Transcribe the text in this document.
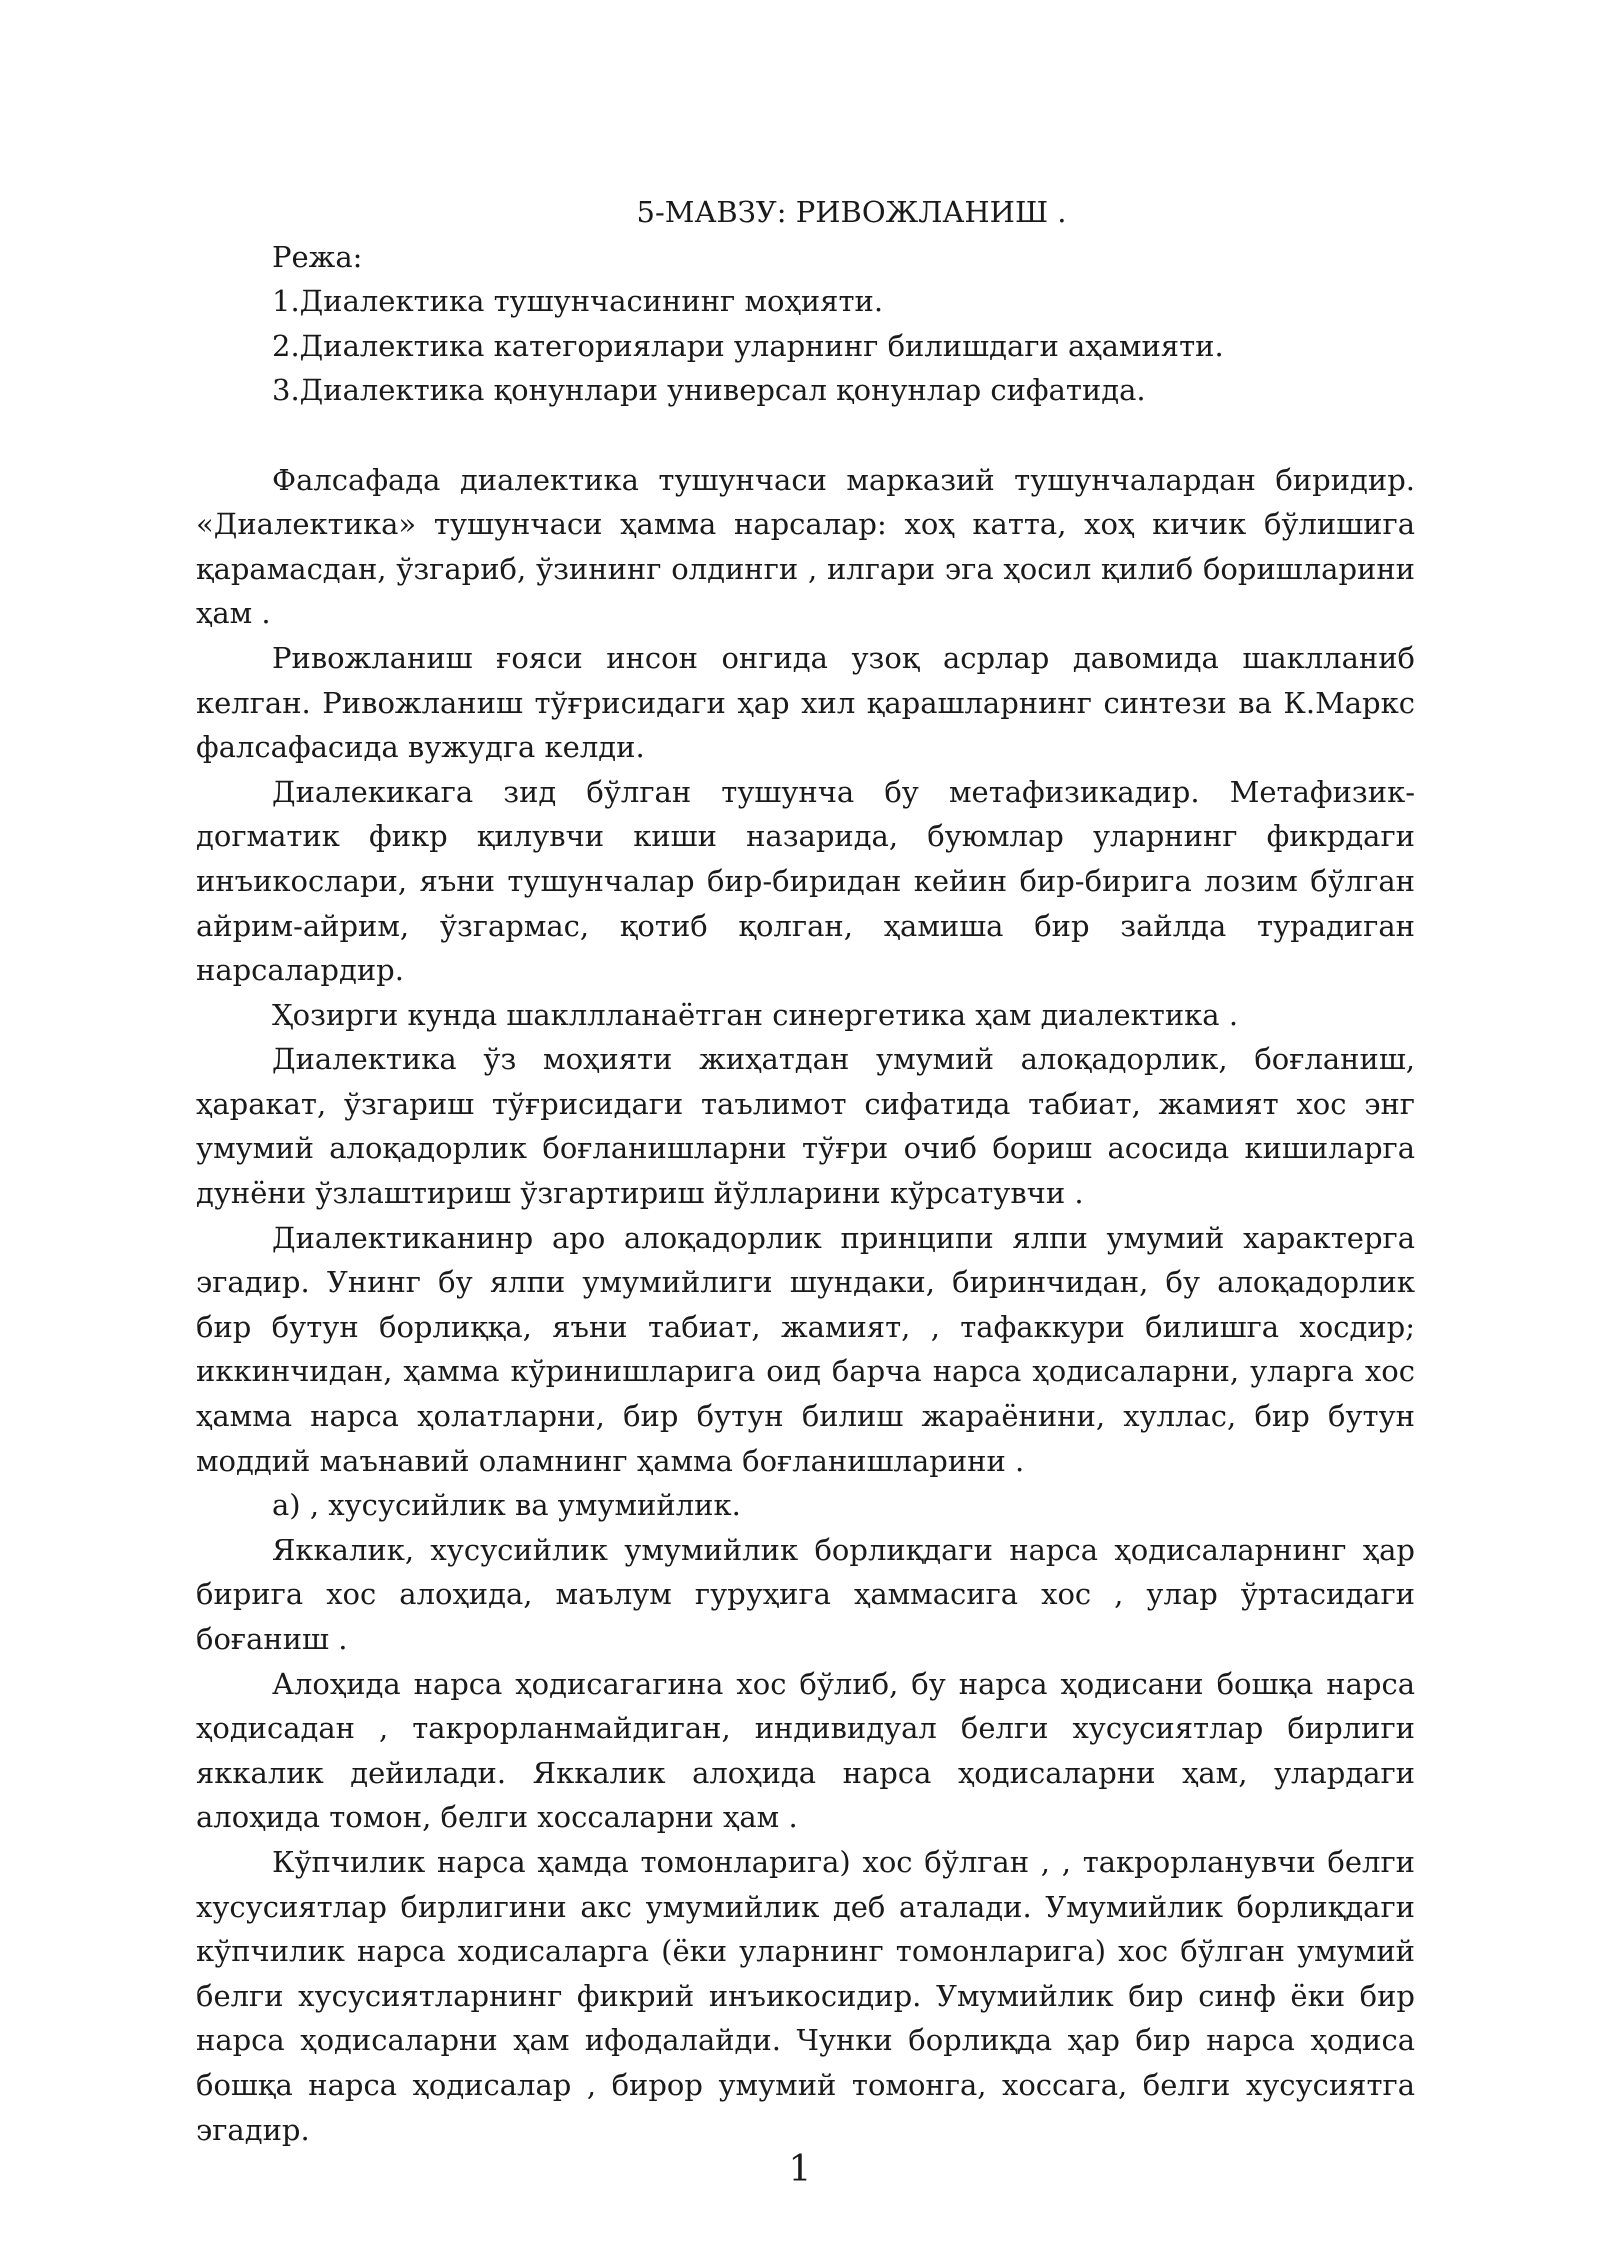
5-МАВЗУ: РИВОЖЛАНИШ .

Режа:

1.Диалектика тушунчасининг моҳияти.

2.Диалектика категориялари уларнинг билишдаги аҳамияти.

3.Диалектика қонунлари универсал қонунлар сифатида.

Фалсафада диалектика тушунчаси марказий тушунчалардан биридир. «Диалектика» тушунчаси ҳамма нарсалар: хоҳ катта, хоҳ кичик бўлишига қарамасдан, ўзгариб, ўзининг олдинги , илгари эга ҳосил қилиб боришларини ҳам .

Ривожланиш ғояси инсон онгида узоқ асрлар давомида шаклланиб келган. Ривожланиш тўғрисидаги ҳар хил қарашларнинг синтези ва К.Маркс фалсафасида вужудга келди.

Диалекикага зид бўлган тушунча бу метафизикадир. Метафизик-догматик фикр қилувчи киши назарида, буюмлар уларнинг фикрдаги инъикослари, яъни тушунчалар бир-биридан кейин бир-бирига лозим бўлган айрим-айрим, ўзгармас, қотиб қолган, ҳамиша бир зайлда турадиган нарсалардир.

Ҳозирги кунда шакллланаётган синергетика ҳам диалектика .

Диалектика ўз моҳияти жиҳатдан умумий алоқадорлик, боғланиш, ҳаракат, ўзгариш тўғрисидаги таълимот сифатида табиат, жамият хос энг умумий алоқадорлик боғланишларни тўғри очиб бориш асосида кишиларга дунёни ўзлаштириш ўзгартириш йўлларини кўрсатувчи .

Диалектиканинр аро алоқадорлик принципи ялпи умумий характерга эгадир. Унинг бу ялпи умумийлиги шундаки, биринчидан, бу алоқадорлик бир бутун борлиққа, яъни табиат, жамият, , тафаккури билишга хосдир; иккинчидан, ҳамма кўринишларига оид барча нарса ҳодисаларни, уларга хос ҳамма нарса ҳолатларни, бир бутун билиш жараёнини, хуллас, бир бутун моддий маънавий оламнинг ҳамма боғланишларини .

а) , хусусийлик ва умумийлик.

Яккалик, хусусийлик умумийлик борлиқдаги нарса ҳодисаларнинг ҳар бирига хос алоҳида, маълум гуруҳига ҳаммасига хос , улар ўртасидаги боғаниш .

Алоҳида нарса ҳодисагагина хос бўлиб, бу нарса ҳодисани бошқа нарса ҳодисадан , такрорланмайдиган, индивидуал белги хусусиятлар бирлиги яккалик дейилади. Яккалик алоҳида нарса ҳодисаларни ҳам, улардаги алоҳида томон, белги хоссаларни ҳам .

Кўпчилик нарса ҳамда томонларига) хос бўлган , , такрорланувчи белги хусусиятлар бирлигини акс умумийлик деб аталади. Умумийлик борлиқдаги кўпчилик нарса ходисаларга (ёки уларнинг томонларига) хос бўлган умумий белги хусусиятларнинг фикрий инъикосидир. Умумийлик бир синф ёки бир нарса ҳодисаларни ҳам ифодалайди. Чунки борлиқда ҳар бир нарса ҳодиса бошқа нарса ҳодисалар , бирор умумий томонга, хоссага, белги хусусиятга эгадир.

1
